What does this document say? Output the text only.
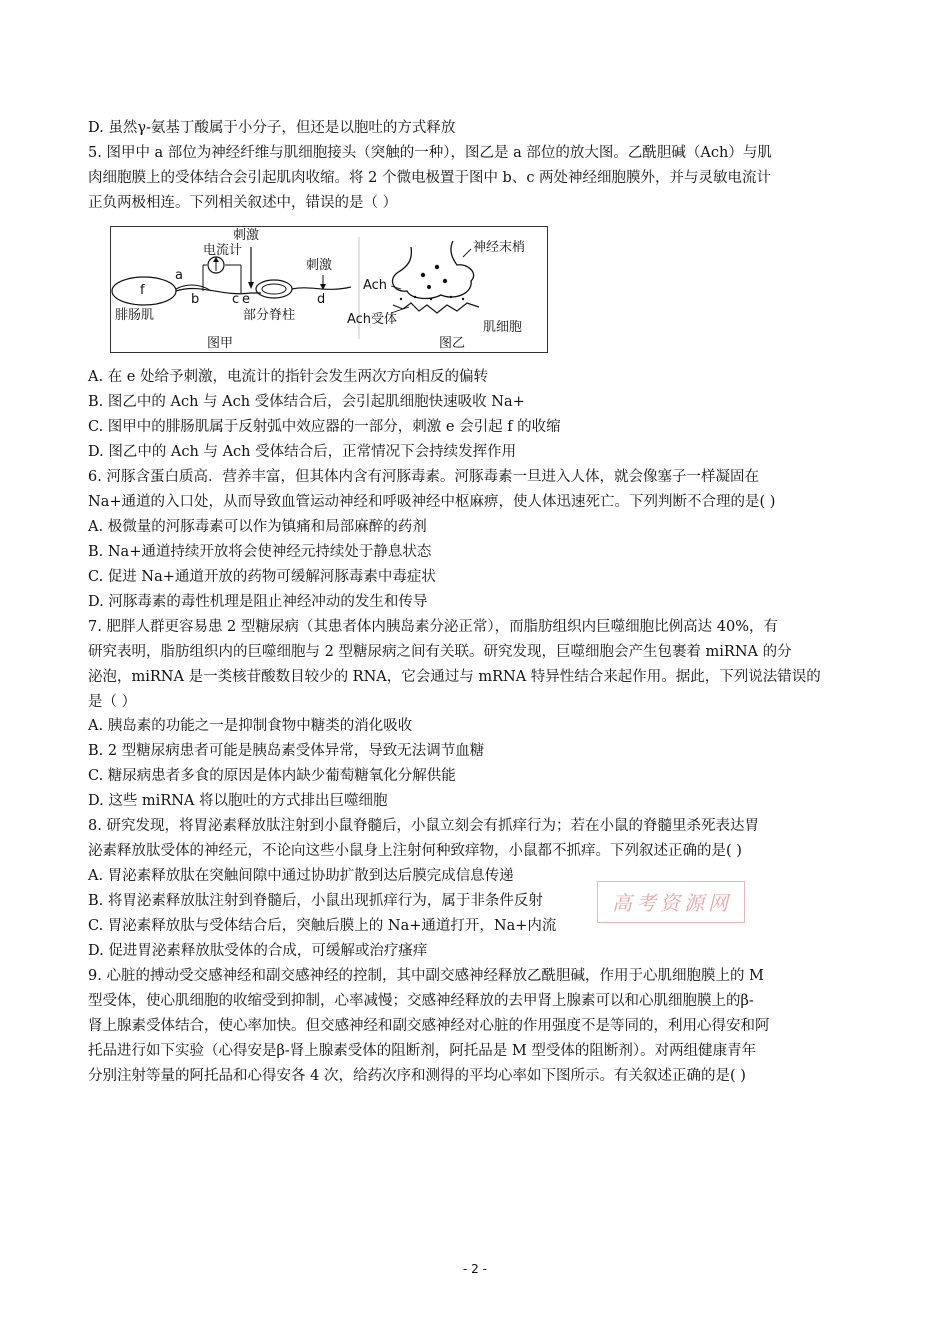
D. 虽然γ-氨基丁酸属于小分子，但还是以胞吐的方式释放
5. 图甲中 a 部位为神经纤维与肌细胞接头（突触的一种），图乙是 a 部位的放大图。乙酰胆碱（Ach）与肌
肉细胞膜上的受体结合会引起肌肉收缩。将 2 个微电极置于图中 b、c 两处神经细胞膜外，并与灵敏电流计
正负两极相连。下列相关叙述中，错误的是（ ）
刺激
电流计
刺激
a
f
b	c e	d
腓肠肌	部分脊柱
图甲
神经末梢
Ach
Ach受体
肌细胞
图乙
A. 在 e 处给予刺激，电流计的指针会发生两次方向相反的偏转
B. 图乙中的 Ach 与 Ach 受体结合后，会引起肌细胞快速吸收 Na+
C. 图甲中的腓肠肌属于反射弧中效应器的一部分，刺激 e 会引起 f 的收缩
D. 图乙中的 Ach 与 Ach 受体结合后，正常情况下会持续发挥作用
6. 河豚含蛋白质高．营养丰富，但其体内含有河豚毒素。河豚毒素一旦进入人体，就会像塞子一样凝固在
Na+通道的入口处，从而导致血管运动神经和呼吸神经中枢麻痹，使人体迅速死亡。下列判断不合理的是( )
A. 极微量的河豚毒素可以作为镇痛和局部麻醉的药剂
B. Na+通道持续开放将会使神经元持续处于静息状态
C. 促进 Na+通道开放的药物可缓解河豚毒素中毒症状
D. 河豚毒素的毒性机理是阻止神经冲动的发生和传导
7. 肥胖人群更容易患 2 型糖尿病（其患者体内胰岛素分泌正常），而脂肪组织内巨噬细胞比例高达 40%，有
研究表明，脂肪组织内的巨噬细胞与 2 型糖尿病之间有关联。研究发现，巨噬细胞会产生包裹着 miRNA 的分
泌泡，miRNA 是一类核苷酸数目较少的 RNA，它会通过与 mRNA 特异性结合来起作用。据此，下列说法错误的
是（ ）
A. 胰岛素的功能之一是抑制食物中糖类的消化吸收
B. 2 型糖尿病患者可能是胰岛素受体异常，导致无法调节血糖
C. 糖尿病患者多食的原因是体内缺少葡萄糖氧化分解供能
D. 这些 miRNA 将以胞吐的方式排出巨噬细胞
8. 研究发现，将胃泌素释放肽注射到小鼠脊髓后，小鼠立刻会有抓痒行为；若在小鼠的脊髓里杀死表达胃
泌素释放肽受体的神经元，不论向这些小鼠身上注射何种致痒物，小鼠都不抓痒。下列叙述正确的是( )
A. 胃泌素释放肽在突触间隙中通过协助扩散到达后膜完成信息传递
B. 将胃泌素释放肽注射到脊髓后，小鼠出现抓痒行为，属于非条件反射
C. 胃泌素释放肽与受体结合后，突触后膜上的 Na+通道打开，Na+内流
D. 促进胃泌素释放肽受体的合成，可缓解或治疗瘙痒
9. 心脏的搏动受交感神经和副交感神经的控制，其中副交感神经释放乙酰胆碱，作用于心肌细胞膜上的 M
型受体，使心肌细胞的收缩受到抑制，心率减慢；交感神经释放的去甲肾上腺素可以和心肌细胞膜上的β-
肾上腺素受体结合，使心率加快。但交感神经和副交感神经对心脏的作用强度不是等同的，利用心得安和阿
托品进行如下实验（心得安是β-肾上腺素受体的阻断剂，阿托品是 M 型受体的阻断剂）。对两组健康青年
分别注射等量的阿托品和心得安各 4 次，给药次序和测得的平均心率如下图所示。有关叙述正确的是( )
高考资源网
- 2 -
